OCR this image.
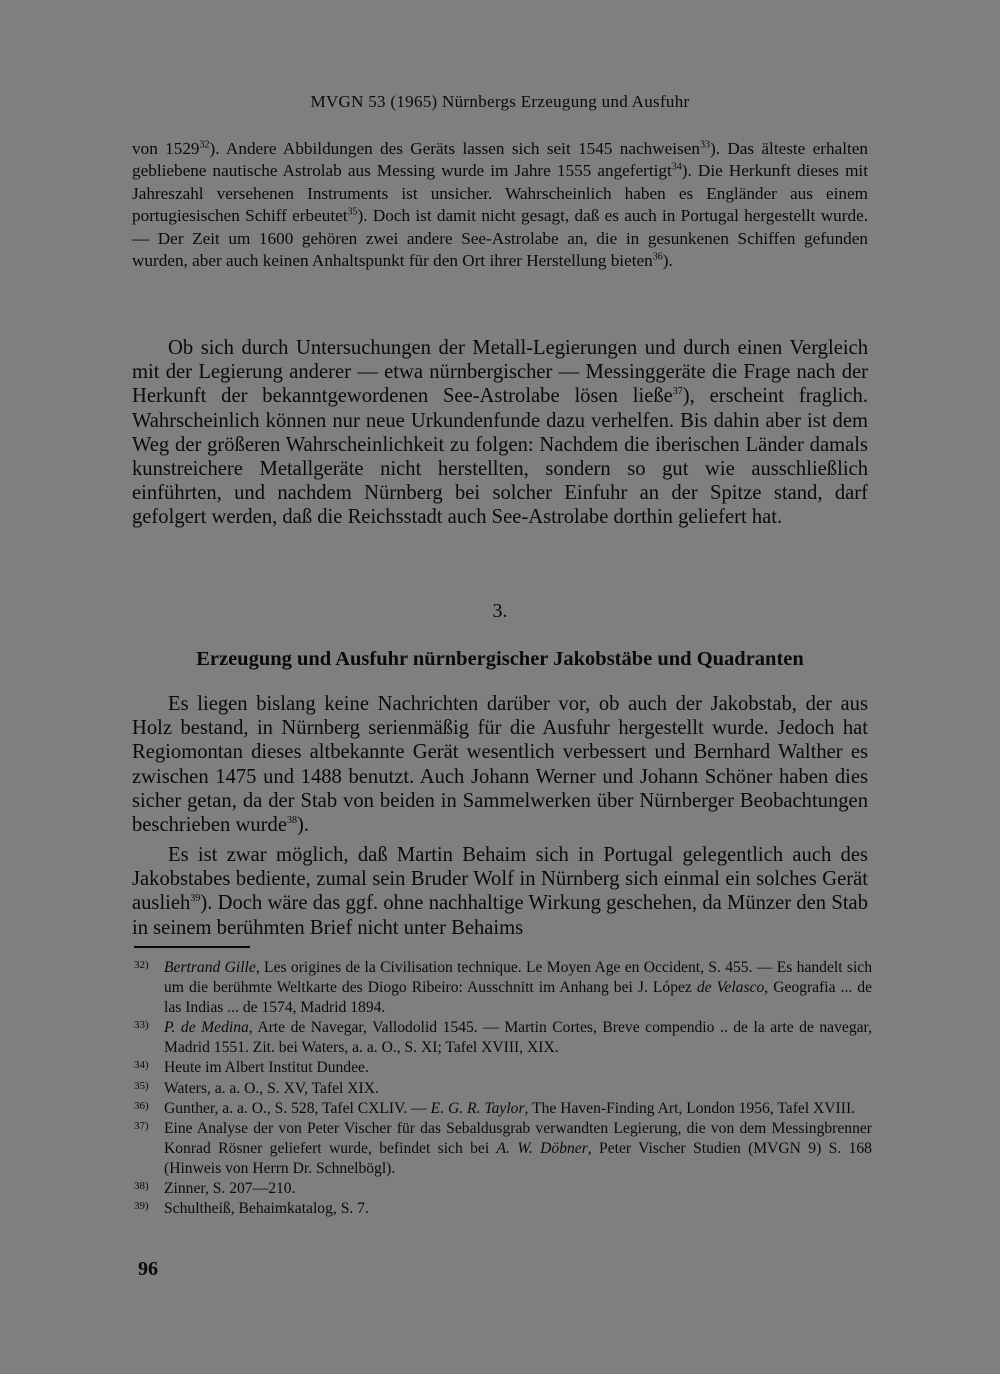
MVGN 53 (1965) Nürnbergs Erzeugung und Ausfuhr

von 1529$^{32}$). Andere Abbildungen des Geräts lassen sich seit 1545 nachweisen$^{33}$). Das älteste erhalten gebliebene nautische Astrolab aus Messing wurde im Jahre 1555 angefertigt$^{34}$). Die Herkunft dieses mit Jahreszahl versehenen Instruments ist unsicher. Wahrscheinlich haben es Engländer aus einem portugiesischen Schiff erbeutet$^{35}$). Doch ist damit nicht gesagt, daß es auch in Portugal hergestellt wurde. — Der Zeit um 1600 gehören zwei andere See-Astrolabe an, die in gesunkenen Schiffen gefunden wurden, aber auch keinen Anhaltspunkt für den Ort ihrer Herstellung bieten$^{36}$).

Ob sich durch Untersuchungen der Metall-Legierungen und durch einen Vergleich mit der Legierung anderer — etwa nürnbergischer — Messinggeräte die Frage nach der Herkunft der bekanntgewordenen See-Astrolabe lösen ließe$^{37}$), erscheint fraglich. Wahrscheinlich können nur neue Urkundenfunde dazu verhelfen. Bis dahin aber ist dem Weg der größeren Wahrscheinlichkeit zu folgen: Nachdem die iberischen Länder damals kunstreichere Metallgeräte nicht herstellten, sondern so gut wie ausschließlich einführten, und nachdem Nürnberg bei solcher Einfuhr an der Spitze stand, darf gefolgert werden, daß die Reichsstadt auch See-Astrolabe dorthin geliefert hat.

3.
Erzeugung und Ausfuhr nürnbergischer Jakobstäbe und Quadranten

Es liegen bislang keine Nachrichten darüber vor, ob auch der Jakobstab, der aus Holz bestand, in Nürnberg serienmäßig für die Ausfuhr hergestellt wurde. Jedoch hat Regiomontan dieses altbekannte Gerät wesentlich verbessert und Bernhard Walther es zwischen 1475 und 1488 benutzt. Auch Johann Werner und Johann Schöner haben dies sicher getan, da der Stab von beiden in Sammelwerken über Nürnberger Beobachtungen beschrieben wurde$^{38}$).

Es ist zwar möglich, daß Martin Behaim sich in Portugal gelegentlich auch des Jakobstabes bediente, zumal sein Bruder Wolf in Nürnberg sich einmal ein solches Gerät auslieh$^{39}$). Doch wäre das ggf. ohne nachhaltige Wirkung geschehen, da Münzer den Stab in seinem berühmten Brief nicht unter Behaims

32) Bertrand Gille, Les origines de la Civilisation technique. Le Moyen Age en Occident, S. 455. — Es handelt sich um die berühmte Weltkarte des Diogo Ribeiro: Ausschnitt im Anhang bei J. López de Velasco, Geografia ... de las Indias ... de 1574, Madrid 1894.
33) P. de Medina, Arte de Navegar, Vallodolid 1545. — Martin Cortes, Breve compendio .. de la arte de navegar, Madrid 1551. Zit. bei Waters, a. a. O., S. XI; Tafel XVIII, XIX.
34) Heute im Albert Institut Dundee.
35) Waters, a. a. O., S. XV, Tafel XIX.
36) Gunther, a. a. O., S. 528, Tafel CXLIV. — E. G. R. Taylor, The Haven-Finding Art, London 1956, Tafel XVIII.
37) Eine Analyse der von Peter Vischer für das Sebaldusgrab verwandten Legierung, die von dem Messingbrenner Konrad Rösner geliefert wurde, befindet sich bei A. W. Döbner, Peter Vischer Studien (MVGN 9) S. 168 (Hinweis von Herrn Dr. Schnelbögl).
38) Zinner, S. 207—210.
39) Schultheiß, Behaimkatalog, S. 7.
96
